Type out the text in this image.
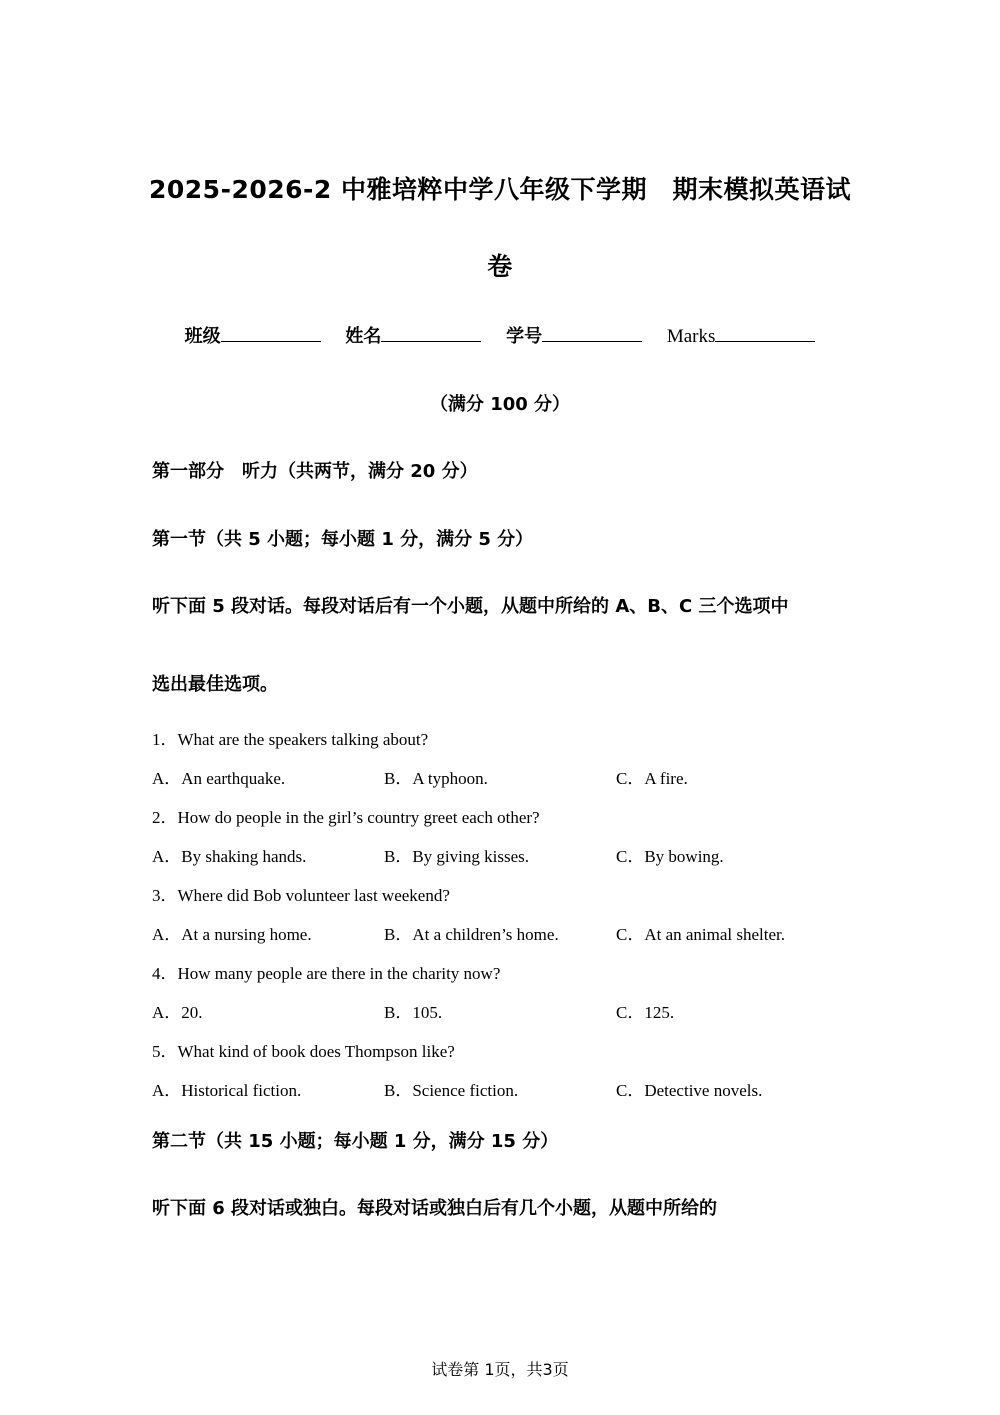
2025-2026-2 中雅培粹中学八年级下学期　期末模拟英语试
卷
班级	姓名	学号	Marks
（满分 100 分）
第一部分　听力（共两节，满分 20 分）
第一节（共 5 小题；每小题 1 分，满分 5 分）
听下面 5 段对话。每段对话后有一个小题，从题中所给的 A、B、C 三个选项中
选出最佳选项。
1．What are the speakers talking about?
A．An earthquake.	B．A typhoon.	C．A fire.
2．How do people in the girl’s country greet each other?
A．By shaking hands.	B．By giving kisses.	C．By bowing.
3．Where did Bob volunteer last weekend?
A．At a nursing home.	B．At a children’s home.	C．At an animal shelter.
4．How many people are there in the charity now?
A．20.	B．105.	C．125.
5．What kind of book does Thompson like?
A．Historical fiction.	B．Science fiction.	C．Detective novels.
第二节（共 15 小题；每小题 1 分，满分 15 分）
听下面 6 段对话或独白。每段对话或独白后有几个小题，从题中所给的
试卷第 1页，共3页
